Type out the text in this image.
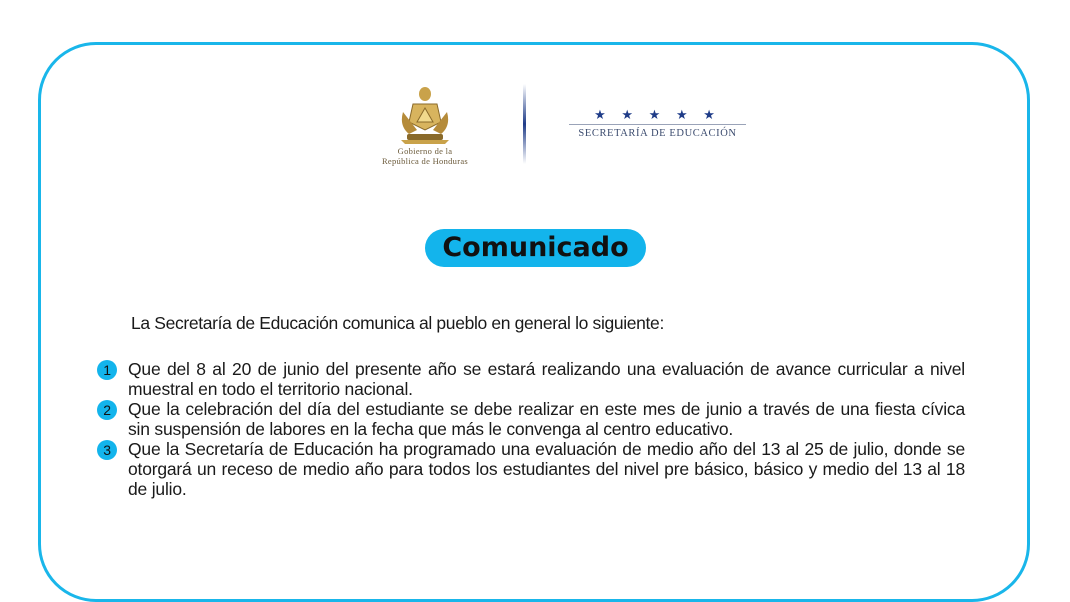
Gobierno de la
República de Honduras
★ ★ ★ ★ ★
SECRETARÍA DE EDUCACIÓN
Comunicado
La Secretaría de Educación comunica al pueblo en general lo siguiente:
1 Que del 8 al 20 de junio del presente año se estará realizando una evaluación de avance curricular a nivel muestral en todo el territorio nacional.
2 Que la celebración del día del estudiante se debe realizar en este mes de junio a través de una fiesta cívica sin suspensión de labores en la fecha que más le convenga al centro educativo.
3 Que la Secretaría de Educación ha programado una evaluación de medio año del 13 al 25 de julio, donde se otorgará un receso de medio año para todos los estudiantes del nivel pre básico, básico y medio del 13 al 18 de julio.
